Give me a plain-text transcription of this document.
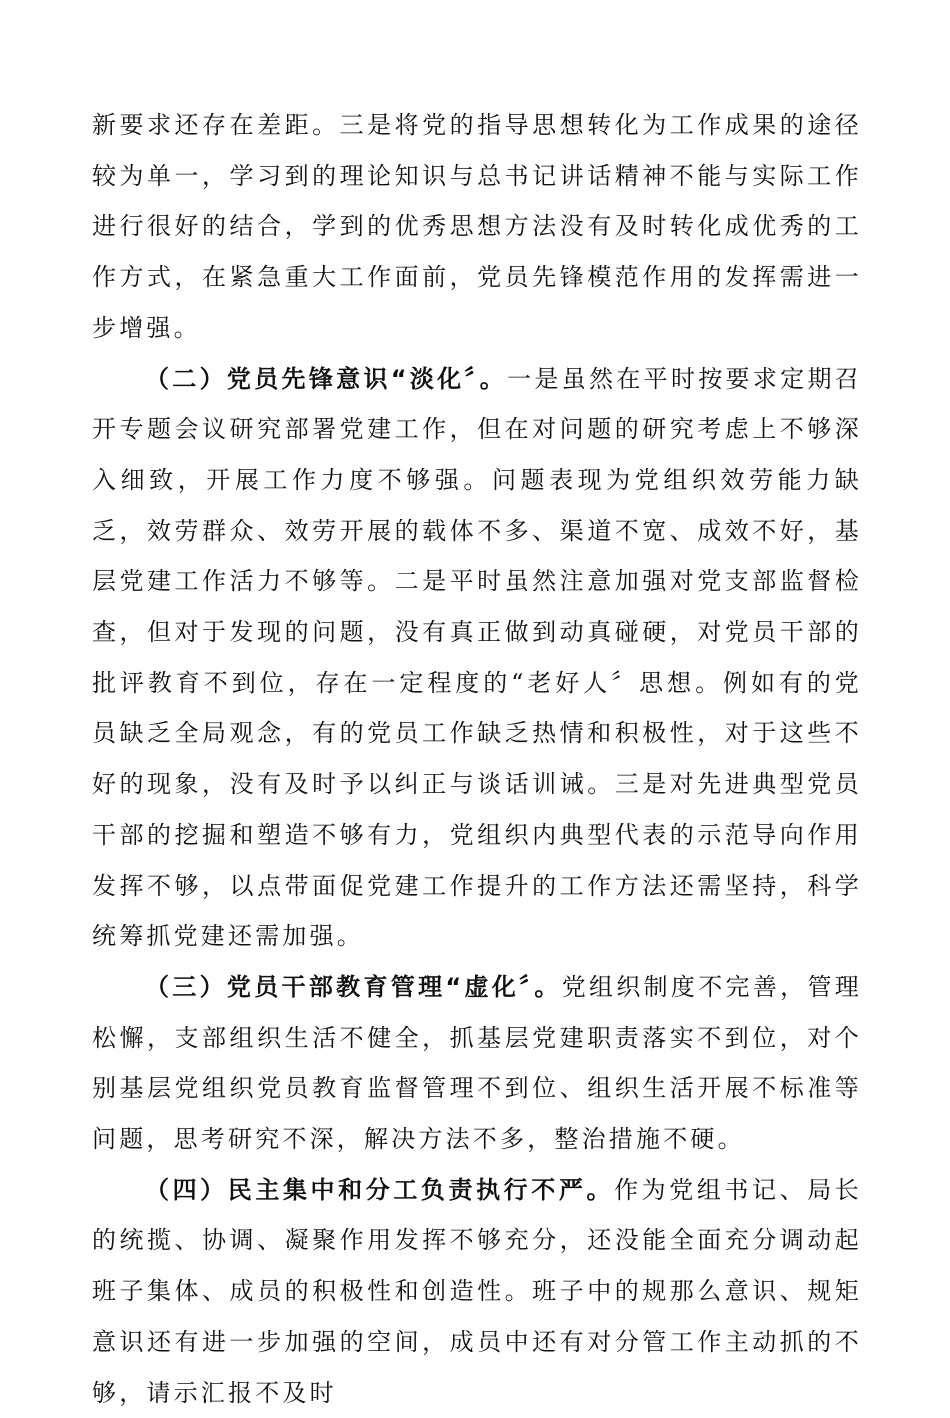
新要求还存在差距。三是将党的指导思想转化为工作成果的途径较为单一，学习到的理论知识与总书记讲话精神不能与实际工作进行很好的结合，学到的优秀思想方法没有及时转化成优秀的工作方式，在紧急重大工作面前，党员先锋模范作用的发挥需进一步增强。

（二）党员先锋意识“淡化〞。一是虽然在平时按要求定期召开专题会议研究部署党建工作，但在对问题的研究考虑上不够深入细致，开展工作力度不够强。问题表现为党组织效劳能力缺乏，效劳群众、效劳开展的载体不多、渠道不宽、成效不好，基层党建工作活力不够等。二是平时虽然注意加强对党支部监督检查，但对于发现的问题，没有真正做到动真碰硬，对党员干部的批评教育不到位，存在一定程度的“老好人〞思想。例如有的党员缺乏全局观念，有的党员工作缺乏热情和积极性，对于这些不好的现象，没有及时予以纠正与谈话训诫。三是对先进典型党员干部的挖掘和塑造不够有力，党组织内典型代表的示范导向作用发挥不够，以点带面促党建工作提升的工作方法还需坚持，科学统筹抓党建还需加强。

（三）党员干部教育管理“虚化〞。党组织制度不完善，管理松懈，支部组织生活不健全，抓基层党建职责落实不到位，对个别基层党组织党员教育监督管理不到位、组织生活开展不标准等问题，思考研究不深，解决方法不多，整治措施不硬。

（四）民主集中和分工负责执行不严。作为党组书记、局长的统揽、协调、凝聚作用发挥不够充分，还没能全面充分调动起班子集体、成员的积极性和创造性。班子中的规那么意识、规矩意识还有进一步加强的空间，成员中还有对分管工作主动抓的不够，请示汇报不及时
